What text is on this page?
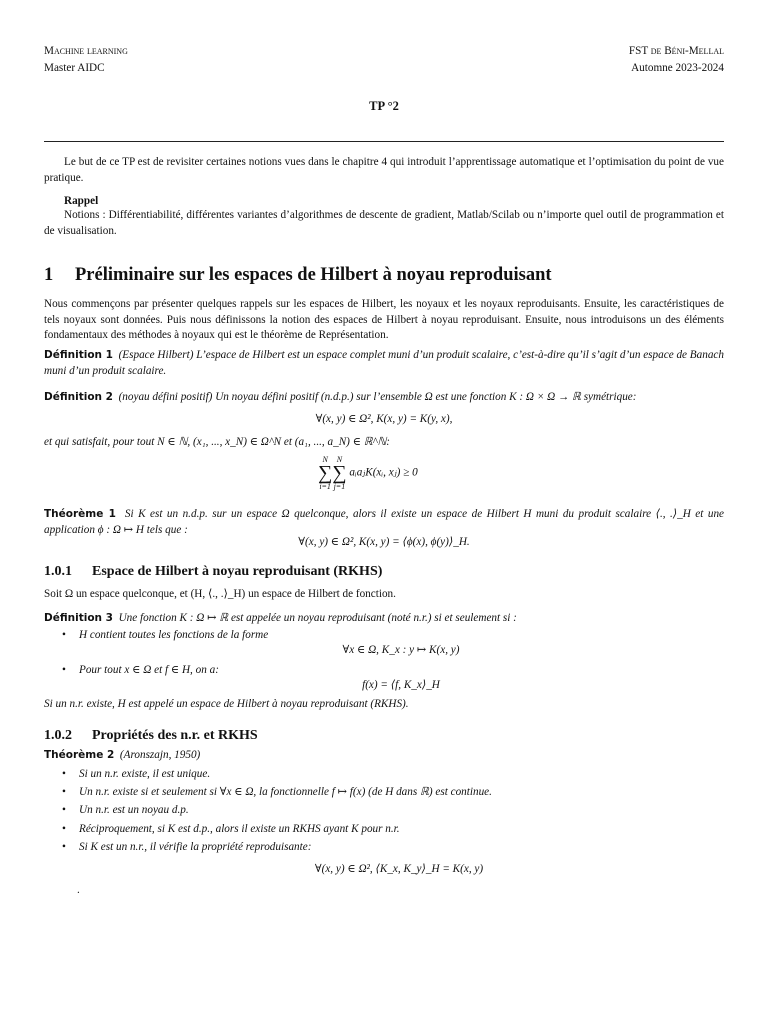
Machine learning
Master AIDC
FST de Béni-Mellal
Automne 2023-2024
TP °2
Le but de ce TP est de revisiter certaines notions vues dans le chapitre 4 qui introduit l’apprentissage automatique et l’optimisation du point de vue pratique.
Rappel
Notions : Différentiabilité, différentes variantes d’algorithmes de descente de gradient, Matlab/Scilab ou n’importe quel outil de programmation et de visualisation.
1 Préliminaire sur les espaces de Hilbert à noyau reproduisant
Nous commençons par présenter quelques rappels sur les espaces de Hilbert, les noyaux et les noyaux reproduisants. Ensuite, les caractéristiques de tels noyaux sont données. Puis nous définissons la notion des espaces de Hilbert à noyau reproduisant. Ensuite, nous introduisons un des éléments fondamentaux des méthodes à noyaux qui est le théorème de Représentation.
Définition 1 (Espace Hilbert) L’espace de Hilbert est un espace complet muni d’un produit scalaire, c’est-à-dire qu’il s’agit d’un espace de Banach muni d’un produit scalaire.
Définition 2 (noyau défini positif) Un noyau défini positif (n.d.p.) sur l’ensemble Ω est une fonction K : Ω × Ω → ℝ symétrique:
∀(x, y) ∈ Ω², K(x, y) = K(y, x),
et qui satisfait, pour tout N ∈ ℕ, (x₁, ..., x_N) ∈ Ω^N et (a₁, ..., a_N) ∈ ℝ^ℕ:
N
∑
i=1
N
∑
j=1
aᵢaⱼK(xᵢ, xⱼ) ≥ 0
Théorème 1 Si K est un n.d.p. sur un espace Ω quelconque, alors il existe un espace de Hilbert H muni du produit scalaire ⟨., .⟩_H et une application ϕ : Ω ↦ H tels que :
∀(x, y) ∈ Ω², K(x, y) = ⟨ϕ(x), ϕ(y)⟩_H.
1.0.1 Espace de Hilbert à noyau reproduisant (RKHS)
Soit Ω un espace quelconque, et (H, ⟨., .⟩_H) un espace de Hilbert de fonction.
Définition 3 Une fonction K : Ω ↦ ℝ est appelée un noyau reproduisant (noté n.r.) si et seulement si :
• H contient toutes les fonctions de la forme
∀x ∈ Ω, K_x : y ↦ K(x, y)
• Pour tout x ∈ Ω et f ∈ H, on a:
f(x) = ⟨f, K_x⟩_H
Si un n.r. existe, H est appelé un espace de Hilbert à noyau reproduisant (RKHS).
1.0.2 Propriétés des n.r. et RKHS
Théorème 2 (Aronszajn, 1950)
• Si un n.r. existe, il est unique.
• Un n.r. existe si et seulement si ∀x ∈ Ω, la fonctionnelle f ↦ f(x) (de H dans ℝ) est continue.
• Un n.r. est un noyau d.p.
• Réciproquement, si K est d.p., alors il existe un RKHS ayant K pour n.r.
• Si K est un n.r., il vérifie la propriété reproduisante:
∀(x, y) ∈ Ω², ⟨K_x, K_y⟩_H = K(x, y)
.
